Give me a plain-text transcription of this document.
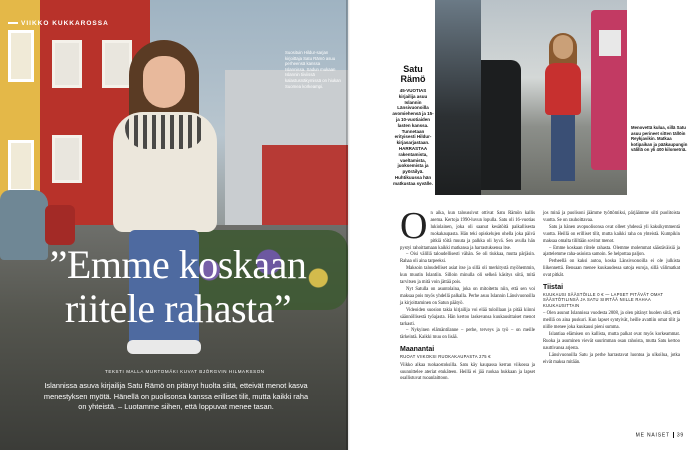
VIIKKO KUKKAROSSA
Suosituin Hildur-sarjan kirjoittaja Satu Rämö asuu perheensä kanssa Islannissa. Sadun mukaan Islannin tiiviissä kalastusnäkymissä on hiukan Suomea korkeampi.
”Emme koskaan
riitele rahasta”
TEKSTI MALLA MURTOMÄKI KUVAT BJÖRGVIN HILMARSSON
Islannissa asuva kirjailija Satu Rämö on pitänyt huolta siitä, etteivät menot kasva menestyksen myötä. Hänellä on puolisonsa kanssa erilliset tilit, mutta kaikki raha on yhteistä. – Luotamme siihen, että loppuvat menee tasan.
Satu Rämö
45-VUOTIAS kirjailija asuu Islannin Länsivuonoilla avomiehensä ja 15- ja 10-vuotiaiden lasten kanssa. Tunnetaan erityisesti Hildur-kirjasarjastaan. HARRASTAA rakentamista, vaeltamista, juoksemista ja pyöräilyä. Huhtikuussa hän matkustaa syvälle.
Menovettä kulua, sillä Satu asuu perineet sitten tällöin Reykjavikin. Matkaa kotipaikan ja pääkaupungin välillä on yli 400 kilometriä.
O n aika, kun taloussivut ottivat Satu Rämön kallis asema. Kertoja 1990-luvun lopulla. Satu oli 16-vuotias lukiolainen, joka oli saanut kesätöitä paikallisesta ruokakaupasta. Hän teki opiskelujen ohella joka päivä pitkiä töitä muuta ja palkka oli hyvä. Sen avulla hän pystyi rahoittamaan kaikki matkansa ja harrastuksensa itse.

– Oisi välillä taloudellisesti vähän. Se oli tiukkaa, mutta pärjäsin. Rahaa oli aina tarpeeksi.

Maksoin taloudelliset asiat itse ja sillä oli merkitystä myöhemmin, kun muutin Islantiin. Silloin minulla oli selkeä käsitys siitä, mitä tarvitsen ja mitä voin jättää pois.

Nyt Satulla on asuntolaina, joka on mitoitettu niin, että sen voi maksaa pois myös yhdellä palkalla. Perhe asuu Islannin Länsivuonoilla ja kirjoittaminen on Satun päätyö.

Videoiden suosion takia kirjailija voi elää tuloillaan ja pitää kiinni säännöllisestä työajasta. Hän kertoo laskevansa kuukausittaiset menot tarkasti.

– Nykyinen elämäntilanne – perhe, terveys ja työ – on meille tärkeintä. Kaikki muu on lisää.

Maanantai
RUOAT VIIKOKSI RUOKAKAUPASTA 275 €

Viikko alkaa ruokaostoksilla. Satu käy kaupassa kerran viikossa ja suunnittelee ateriat etukäteen. Heillä ei jää ruokaa hukkaan ja lapset osallistuvat ruoanlaittoon.

jos minä ja puolisoni jäämme työttömiksi, pärjäämme silti puolitoista vuotta. Se on rauhoittavaa.

Satu ja hänen avopuolisonsa ovat olleet yhdessä yli kaksikymmentä vuotta. Heillä on erilliset tilit, mutta kaikki raha on yhteistä. Kumpikin maksaa omalta tililtään sovitut menot.

– Emme koskaan riitele rahasta. Olemme molemmat säästäväisiä ja ajattelemme raha-asioista samoin. Se helpottaa paljon.

Perheellä on kaksi autoa, koska Länsivuonoilla ei ole julkista liikennettä. Bensaan menee kuukaudessa satoja euroja, sillä välimatkat ovat pitkät.

Tiistai
KUUKAUSI SÄÄSTÖILLE 0 € — LAPSET PITÄVÄT OMAT SÄÄSTÖTILINSÄ JA SATU SIIRTÄÄ NIILLE RAHAA KUUKAUSITTAIN

– Olen asunut Islannissa vuodesta 2008, ja olen pitänyt huolen siitä, että meillä on aina puskuri. Kun lapset syntyivät, heille avattiin omat tilit ja niille menee joka kuukausi pieni summa.

Islantiaa elämisen on kallista, mutta palkat ovat myös korkeammat. Ruoka ja asuminen vievät suurimman osan rahoista, mutta Satu kertoo nauttivansa arjesta.

Länsivuonoilla Satu ja perhe harrastavat luontoa ja ulkoilua, jotka eivät maksa mitään.

ME NAISET 39
